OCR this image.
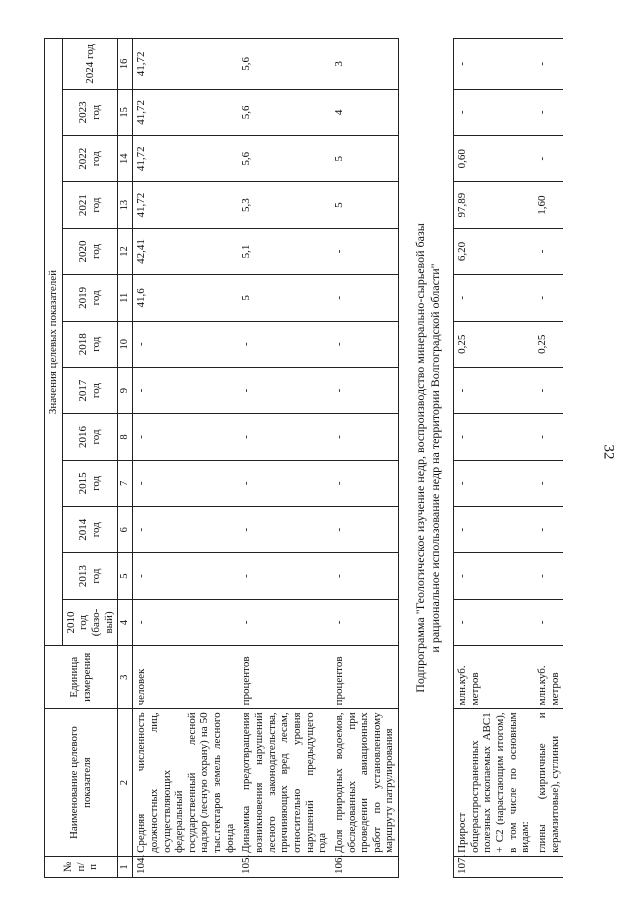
32
№
п/п	Наименование целевого показателя	Единица измерения	Значения целевых показателей												
			2010 год (базо-вый)	2013 год	2014 год	2015 год	2016 год	2017 год	2018 год	2019 год	2020 год	2021 год	2022 год	2023 год	2024 год
1	2	3	4	5	6	7	8	9	10	11	12	13	14	15	16
104.	Средняя численность должностных лиц, осуществляющих федеральный государственный лесной надзор (лесную охрану) на 50 тыс.гектаров земель лесного фонда	человек	-	-	-	-	-	-	-	41,6	42,41	41,72	41,72	41,72	41,72
105.	Динамика предотвращения возникновения нарушений лесного законодательства, причиняющих вред лесам, относительно уровня нарушений предыдущего года	процентов	-	-	-	-	-	-	-	5	5,1	5,3	5,6	5,6	5,6
106.	Доля природных водоемов, обследованных при проведении авиационных работ по установленному маршруту патрулирования	процентов	-	-	-	-	-	-	-	-	-	5	5	4	3

Подпрограмма "Геологическое изучение недр, воспроизводство минерально-сырьевой базы и рациональное использование недр на территории Волгоградской области"															

107.	Прирост общераспространенных полезных ископаемых АВС1 + С2 (нарастающим итогом), в том числе по основным видам:	млн.куб. метров	-	-	-	-	-	-	0,25	-	6,20	97,89	0,60	-	-
	глины (кирпичные и керамзитовые), суглинки	млн.куб. метров	-	-	-	-	-	-	0,25	-	-	1,60	-	-	-
